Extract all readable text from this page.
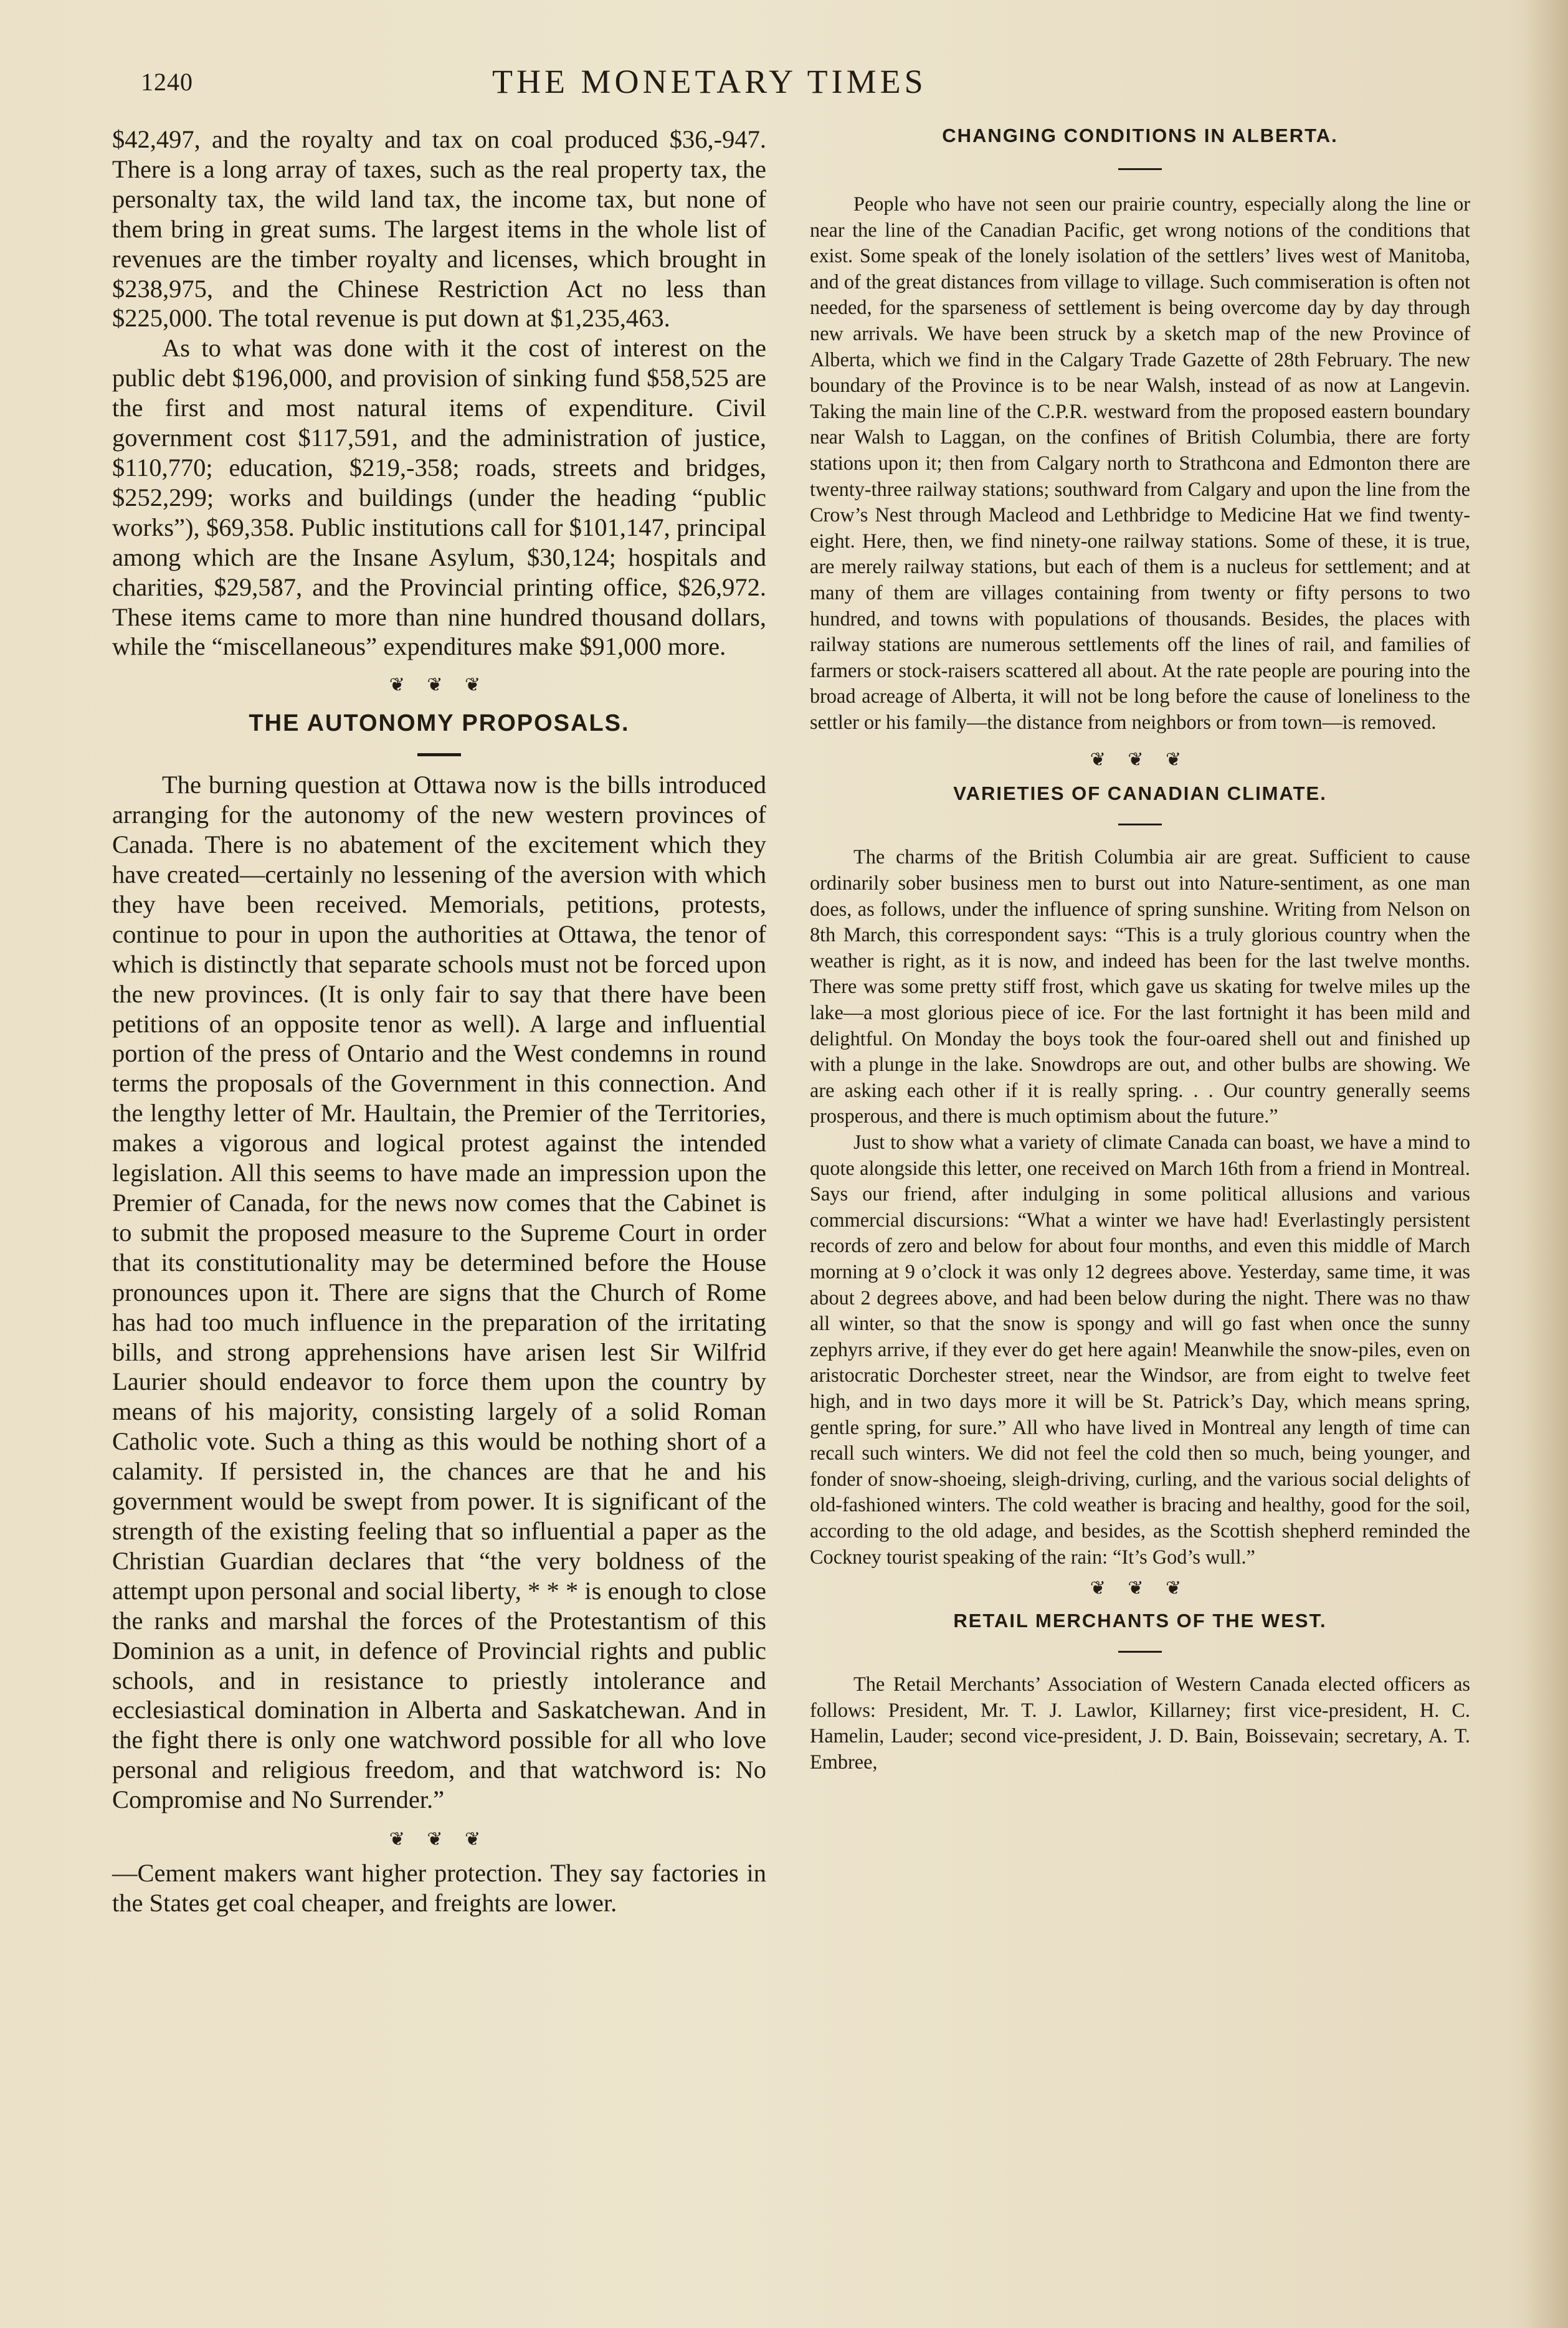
1240	THE MONETARY TIMES

$42,497, and the royalty and tax on coal produced $36,-947. There is a long array of taxes, such as the real property tax, the personalty tax, the wild land tax, the income tax, but none of them bring in great sums. The largest items in the whole list of revenues are the timber royalty and licenses, which brought in $238,975, and the Chinese Restriction Act no less than $225,000. The total revenue is put down at $1,235,463.

As to what was done with it the cost of interest on the public debt $196,000, and provision of sinking fund $58,525 are the first and most natural items of expenditure. Civil government cost $117,591, and the administration of justice, $110,770; education, $219,-358; roads, streets and bridges, $252,299; works and buildings (under the heading “public works”), $69,358. Public institutions call for $101,147, principal among which are the Insane Asylum, $30,124; hospitals and charities, $29,587, and the Provincial printing office, $26,972. These items came to more than nine hundred thousand dollars, while the “miscellaneous” expenditures make $91,000 more.

❦ ❦ ❦
THE AUTONOMY PROPOSALS.

The burning question at Ottawa now is the bills introduced arranging for the autonomy of the new western provinces of Canada. There is no abatement of the excitement which they have created—certainly no lessening of the aversion with which they have been received. Memorials, petitions, protests, continue to pour in upon the authorities at Ottawa, the tenor of which is distinctly that separate schools must not be forced upon the new provinces. (It is only fair to say that there have been petitions of an opposite tenor as well). A large and influential portion of the press of Ontario and the West condemns in round terms the proposals of the Government in this connection. And the lengthy letter of Mr. Haultain, the Premier of the Territories, makes a vigorous and logical protest against the intended legislation. All this seems to have made an impression upon the Premier of Canada, for the news now comes that the Cabinet is to submit the proposed measure to the Supreme Court in order that its constitutionality may be determined before the House pronounces upon it. There are signs that the Church of Rome has had too much influence in the preparation of the irritating bills, and strong apprehensions have arisen lest Sir Wilfrid Laurier should endeavor to force them upon the country by means of his majority, consisting largely of a solid Roman Catholic vote. Such a thing as this would be nothing short of a calamity. If persisted in, the chances are that he and his government would be swept from power. It is significant of the strength of the existing feeling that so influential a paper as the Christian Guardian declares that “the very boldness of the attempt upon personal and social liberty, * * * is enough to close the ranks and marshal the forces of the Protestantism of this Dominion as a unit, in defence of Provincial rights and public schools, and in resistance to priestly intolerance and ecclesiastical domination in Alberta and Saskatchewan. And in the fight there is only one watchword possible for all who love personal and religious freedom, and that watchword is: No Compromise and No Surrender.”

❦ ❦ ❦

—Cement makers want higher protection. They say factories in the States get coal cheaper, and freights are lower.

CHANGING CONDITIONS IN ALBERTA.

People who have not seen our prairie country, especially along the line or near the line of the Canadian Pacific, get wrong notions of the conditions that exist. Some speak of the lonely isolation of the settlers’ lives west of Manitoba, and of the great distances from village to village. Such commiseration is often not needed, for the sparseness of settlement is being overcome day by day through new arrivals. We have been struck by a sketch map of the new Province of Alberta, which we find in the Calgary Trade Gazette of 28th February. The new boundary of the Province is to be near Walsh, instead of as now at Langevin. Taking the main line of the C.P.R. westward from the proposed eastern boundary near Walsh to Laggan, on the confines of British Columbia, there are forty stations upon it; then from Calgary north to Strathcona and Edmonton there are twenty-three railway stations; southward from Calgary and upon the line from the Crow’s Nest through Macleod and Lethbridge to Medicine Hat we find twenty-eight. Here, then, we find ninety-one railway stations. Some of these, it is true, are merely railway stations, but each of them is a nucleus for settlement; and at many of them are villages containing from twenty or fifty persons to two hundred, and towns with populations of thousands. Besides, the places with railway stations are numerous settlements off the lines of rail, and families of farmers or stock-raisers scattered all about. At the rate people are pouring into the broad acreage of Alberta, it will not be long before the cause of loneliness to the settler or his family—the distance from neighbors or from town—is removed.

❦ ❦ ❦
VARIETIES OF CANADIAN CLIMATE.

The charms of the British Columbia air are great. Sufficient to cause ordinarily sober business men to burst out into Nature-sentiment, as one man does, as follows, under the influence of spring sunshine. Writing from Nelson on 8th March, this correspondent says: “This is a truly glorious country when the weather is right, as it is now, and indeed has been for the last twelve months. There was some pretty stiff frost, which gave us skating for twelve miles up the lake—a most glorious piece of ice. For the last fortnight it has been mild and delightful. On Monday the boys took the four-oared shell out and finished up with a plunge in the lake. Snowdrops are out, and other bulbs are showing. We are asking each other if it is really spring. . . Our country generally seems prosperous, and there is much optimism about the future.”

Just to show what a variety of climate Canada can boast, we have a mind to quote alongside this letter, one received on March 16th from a friend in Montreal. Says our friend, after indulging in some political allusions and various commercial discursions: “What a winter we have had! Everlastingly persistent records of zero and below for about four months, and even this middle of March morning at 9 o’clock it was only 12 degrees above. Yesterday, same time, it was about 2 degrees above, and had been below during the night. There was no thaw all winter, so that the snow is spongy and will go fast when once the sunny zephyrs arrive, if they ever do get here again! Meanwhile the snow-piles, even on aristocratic Dorchester street, near the Windsor, are from eight to twelve feet high, and in two days more it will be St. Patrick’s Day, which means spring, gentle spring, for sure.” All who have lived in Montreal any length of time can recall such winters. We did not feel the cold then so much, being younger, and fonder of snow-shoeing, sleigh-driving, curling, and the various social delights of old-fashioned winters. The cold weather is bracing and healthy, good for the soil, according to the old adage, and besides, as the Scottish shepherd reminded the Cockney tourist speaking of the rain: “It’s God’s wull.”

❦ ❦ ❦
RETAIL MERCHANTS OF THE WEST.

The Retail Merchants’ Association of Western Canada elected officers as follows: President, Mr. T. J. Lawlor, Killarney; first vice-president, H. C. Hamelin, Lauder; second vice-president, J. D. Bain, Boissevain; secretary, A. T. Embree,
